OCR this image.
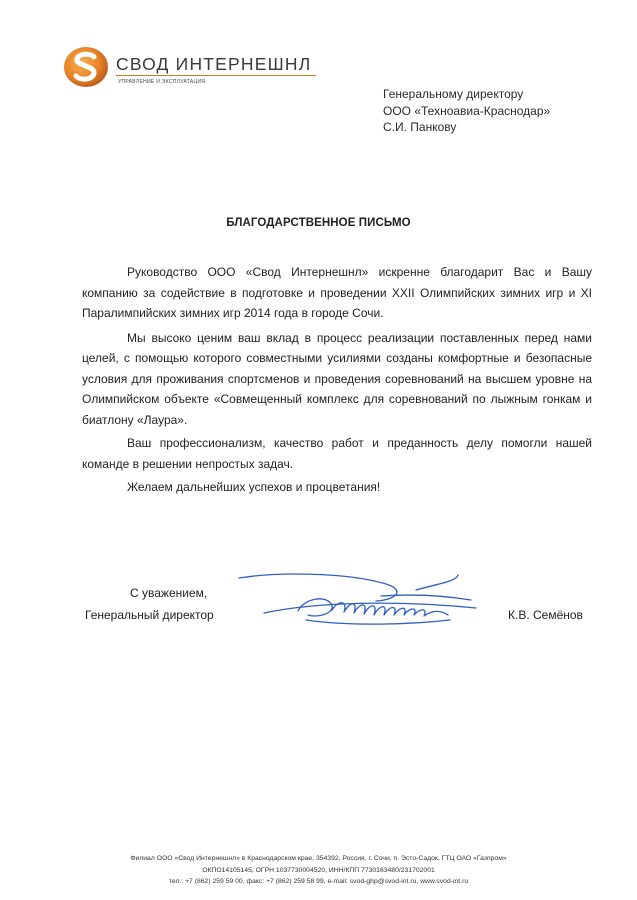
СВОД ИНТЕРНЕШНЛ
УПРАВЛЕНИЕ И ЭКСПЛУАТАЦИЯ
Генеральному директору
ООО «Техноавиа-Краснодар»
С.И. Панкову
БЛАГОДАРСТВЕННОЕ ПИСЬМО

Руководство ООО «Свод Интернешнл» искренне благодарит Вас и Вашу компанию за содействие в подготовке и проведении XXII Олимпийских зимних игр и XI Паралимпийских зимних игр 2014 года в городе Сочи.

Мы высоко ценим ваш вклад в процесс реализации поставленных перед нами целей, с помощью которого совместными усилиями созданы комфортные и безопасные условия для проживания спортсменов и проведения соревнований на высшем уровне на Олимпийском объекте «Совмещенный комплекс для соревнований по лыжным гонкам и биатлону «Лаура».

Ваш профессионализм, качество работ и преданность делу помогли нашей команде в решении непростых задач.

Желаем дальнейших успехов и процветания!

С уважением,
Генеральный директор	К.В. Семёнов
Филиал ООО «Свод Интернешнл» в Краснодарском крае, 354392, Россия, г. Сочи, п. Эсто-Садок, ГТЦ ОАО «Газпром»
ОКПО14105145, ОГРН 1037730004520, ИНН/КПП 7730163480/231702001
тел.: +7 (862) 259 59 00, факс: +7 (862) 259 58 99, e-mail: svod-ghp@svod-int.ru, www.svod-int.ru
